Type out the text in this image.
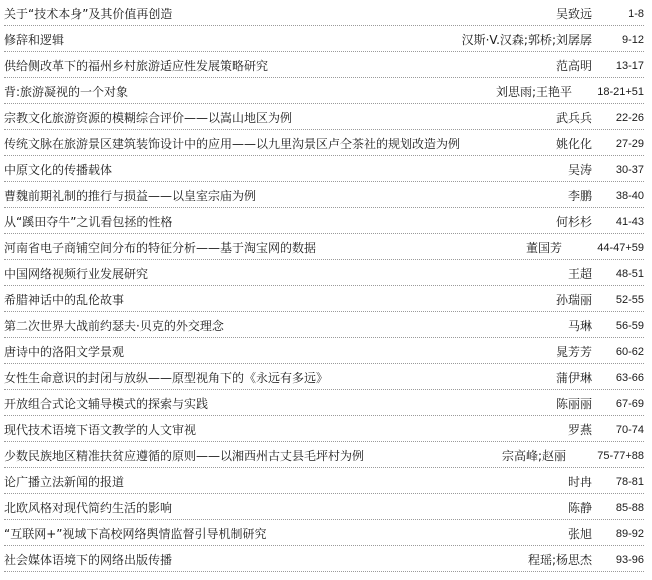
关于“技术本身”及其价值再创造	吴致远	1-8
修辞和逻辑	汉斯·V.汉森;郭桥;刘孱孱	9-12
供给侧改革下的福州乡村旅游适应性发展策略研究	范高明 13-17
背:旅游凝视的一个对象	刘思雨;王艳平 18-21+51
宗教文化旅游资源的模糊综合评价——以嵩山地区为例	武兵兵 22-26
传统文脉在旅游景区建筑装饰设计中的应用——以九里沟景区卢仝茶社的规划改造为例	姚化化 27-29
中原文化的传播载体	吴涛 30-37
曹魏前期礼制的推行与损益——以皇室宗庙为例	李鹏 38-40
从“蹊田夺牛”之讥看包拯的性格	何杉杉 41-43
河南省电子商铺空间分布的特征分析——基于淘宝网的数据	董国芳	44-47+59
中国网络视频行业发展研究	王超 48-51
希腊神话中的乱伦故事	孙瑞丽 52-55
第二次世界大战前约瑟夫·贝克的外交理念	马琳 56-59
唐诗中的洛阳文学景观	晁芳芳 60-62
女性生命意识的封闭与放纵——原型视角下的《永远有多远》	蒲伊琳 63-66
开放组合式论文辅导模式的探索与实践	陈丽丽 67-69
现代技术语境下语文教学的人文审视	罗燕 70-74
少数民族地区精准扶贫应遵循的原则——以湘西州古丈县毛坪村为例	宗高峰;赵丽	75-77+88
论广播立法新闻的报道	时冉 78-81
北欧风格对现代简约生活的影响	陈静 85-88
“互联网+”视域下高校网络舆情监督引导机制研究	张旭 89-92
社会媒体语境下的网络出版传播	程瑶;杨思杰 93-96
